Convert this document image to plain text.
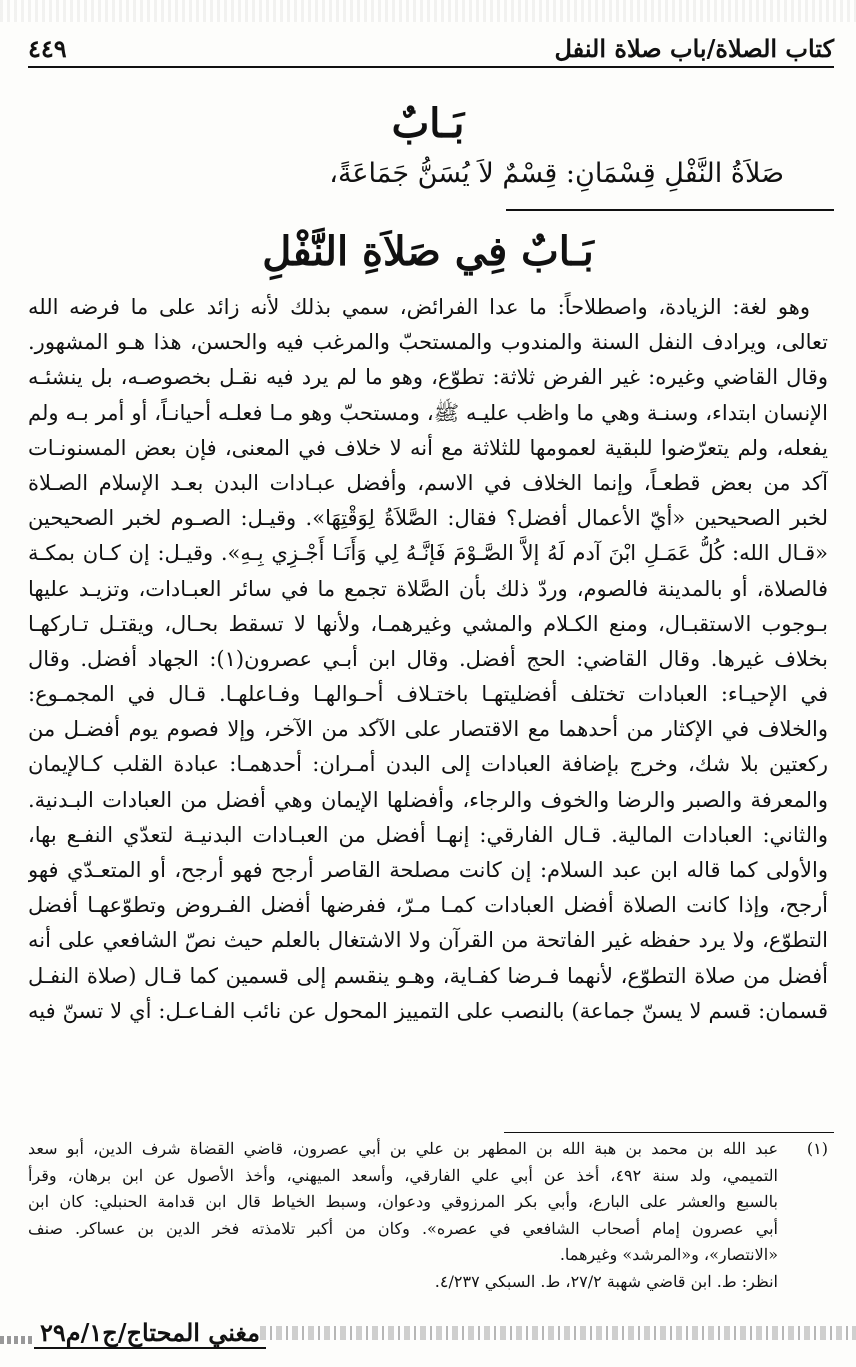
كتاب الصلاة/باب صلاة النفل
٤٤٩
بَـابٌ
صَلاَةُ النَّفْلِ قِسْمَانِ: قِسْمٌ لاَ يُسَنُّ جَمَاعَةً،
بَـابٌ فِي صَلاَةِ النَّفْلِ
وهو لغة: الزيادة، واصطلاحاً: ما عدا الفرائض، سمي بذلك لأنه زائد على ما فرضه الله
تعالى، ويرادف النفل السنة والمندوب والمستحبّ والمرغب فيه والحسن، هذا هـو المشهور.
وقال القاضي وغيره: غير الفرض ثلاثة: تطوّع، وهو ما لم يرد فيه نقـل بخصوصـه، بل ينشئـه
الإنسان ابتداء، وسنـة وهي ما واظب عليـه ﷺ، ومستحبّ وهو مـا فعلـه أحيانـاً، أو أمر بـه ولم
يفعله، ولم يتعرّضوا للبقية لعمومها للثلاثة مع أنه لا خلاف في المعنى، فإن بعض المسنونـات
آكد من بعض قطعـاً، وإنما الخلاف في الاسم، وأفضل عبـادات البدن بعـد الإسلام الصـلاة
لخبر الصحيحين «أيّ الأعمال أفضل؟ فقال: الصَّلاَةُ لِوَقْتِهَا». وقيـل: الصـوم لخبر الصحيحين
«قـال الله: كُلُّ عَمَـلِ ابْنَ آدم لَهُ إلاَّ الصَّـوْمَ فَإنَّـهُ لِي وَأَنَـا أَجْـزِي بِـهِ». وقيـل: إن كـان بمكـة
فالصلاة، أو بالمدينة فالصوم، وردّ ذلك بأن الصَّلاة تجمع ما في سائر العبـادات، وتزيـد عليها
بـوجوب الاستقبـال، ومنع الكـلام والمشي وغيرهمـا، ولأنها لا تسقط بحـال، ويقتـل تـاركهـا
بخلاف غيرها. وقال القاضي: الحج أفضل. وقال ابن أبـي عصرون(١): الجهاد أفضل. وقال
في الإحيـاء: العبادات تختلف أفضليتهـا باختـلاف أحـوالهـا وفـاعلهـا. قـال في المجمـوع:
والخلاف في الإكثار من أحدهما مع الاقتصار على الآكد من الآخر، وإلا فصوم يوم أفضـل من
ركعتين بلا شك، وخرج بإضافة العبادات إلى البدن أمـران: أحدهمـا: عبادة القلب كـالإيمان
والمعرفة والصبر والرضا والخوف والرجاء، وأفضلها الإيمان وهي أفضل من العبادات البـدنية.
والثاني: العبادات المالية. قـال الفارقي: إنهـا أفضل من العبـادات البدنيـة لتعدّي النفـع بها،
والأولى كما قاله ابن عبد السلام: إن كانت مصلحة القاصر أرجح فهو أرجح، أو المتعـدّي فهو
أرجح، وإذا كانت الصلاة أفضل العبادات كمـا مـرّ، ففرضها أفضل الفـروض وتطوّعهـا أفضل
التطوّع، ولا يرد حفظه غير الفاتحة من القرآن ولا الاشتغال بالعلم حيث نصّ الشافعي على أنه
أفضل من صلاة التطوّع، لأنهما فـرضا كفـاية، وهـو ينقسم إلى قسمين كما قـال (صلاة النفـل
قسمان: قسم لا يسنّ جماعة) بالنصب على التمييز المحول عن نائب الفـاعـل: أي لا تسنّ فيه
(١)عبد الله بن محمد بن هبة الله بن المطهر بن علي بن أبي عصرون، قاضي القضاة شرف الدين، أبو سعد
التميمي، ولد سنة ٤٩٢، أخذ عن أبي علي الفارقي، وأسعد الميهني، وأخذ الأصول عن ابن برهان، وقرأ
بالسبع والعشر على البارع، وأبي بكر المرزوقي ودعوان، وسبط الخياط قال ابن قدامة الحنبلي: كان ابن
أبي عصرون إمام أصحاب الشافعي في عصره». وكان من أكبر تلامذته فخر الدين بن عساكر. صنف
«الانتصار»، و«المرشد» وغيرهما.
انظر: ط. ابن قاضي شهبة ٢٧/٢، ط. السبكي ٤/٢٣٧.
مغني المحتاج/ج١/م٢٩
